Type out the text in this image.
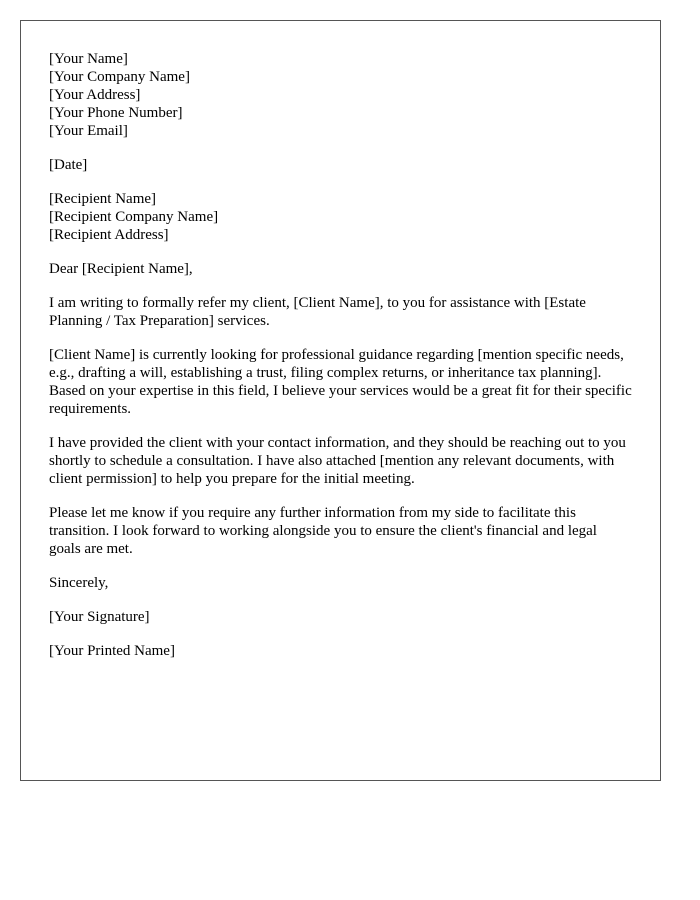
[Your Name]
[Your Company Name]
[Your Address]
[Your Phone Number]
[Your Email]

[Date]

[Recipient Name]
[Recipient Company Name]
[Recipient Address]

Dear [Recipient Name],

I am writing to formally refer my client, [Client Name], to you for assistance with [Estate Planning / Tax Preparation] services.

[Client Name] is currently looking for professional guidance regarding [mention specific needs, e.g., drafting a will, establishing a trust, filing complex returns, or inheritance tax planning]. Based on your expertise in this field, I believe your services would be a great fit for their specific requirements.

I have provided the client with your contact information, and they should be reaching out to you shortly to schedule a consultation. I have also attached [mention any relevant documents, with client permission] to help you prepare for the initial meeting.

Please let me know if you require any further information from my side to facilitate this transition. I look forward to working alongside you to ensure the client's financial and legal goals are met.

Sincerely,

[Your Signature]

[Your Printed Name]
